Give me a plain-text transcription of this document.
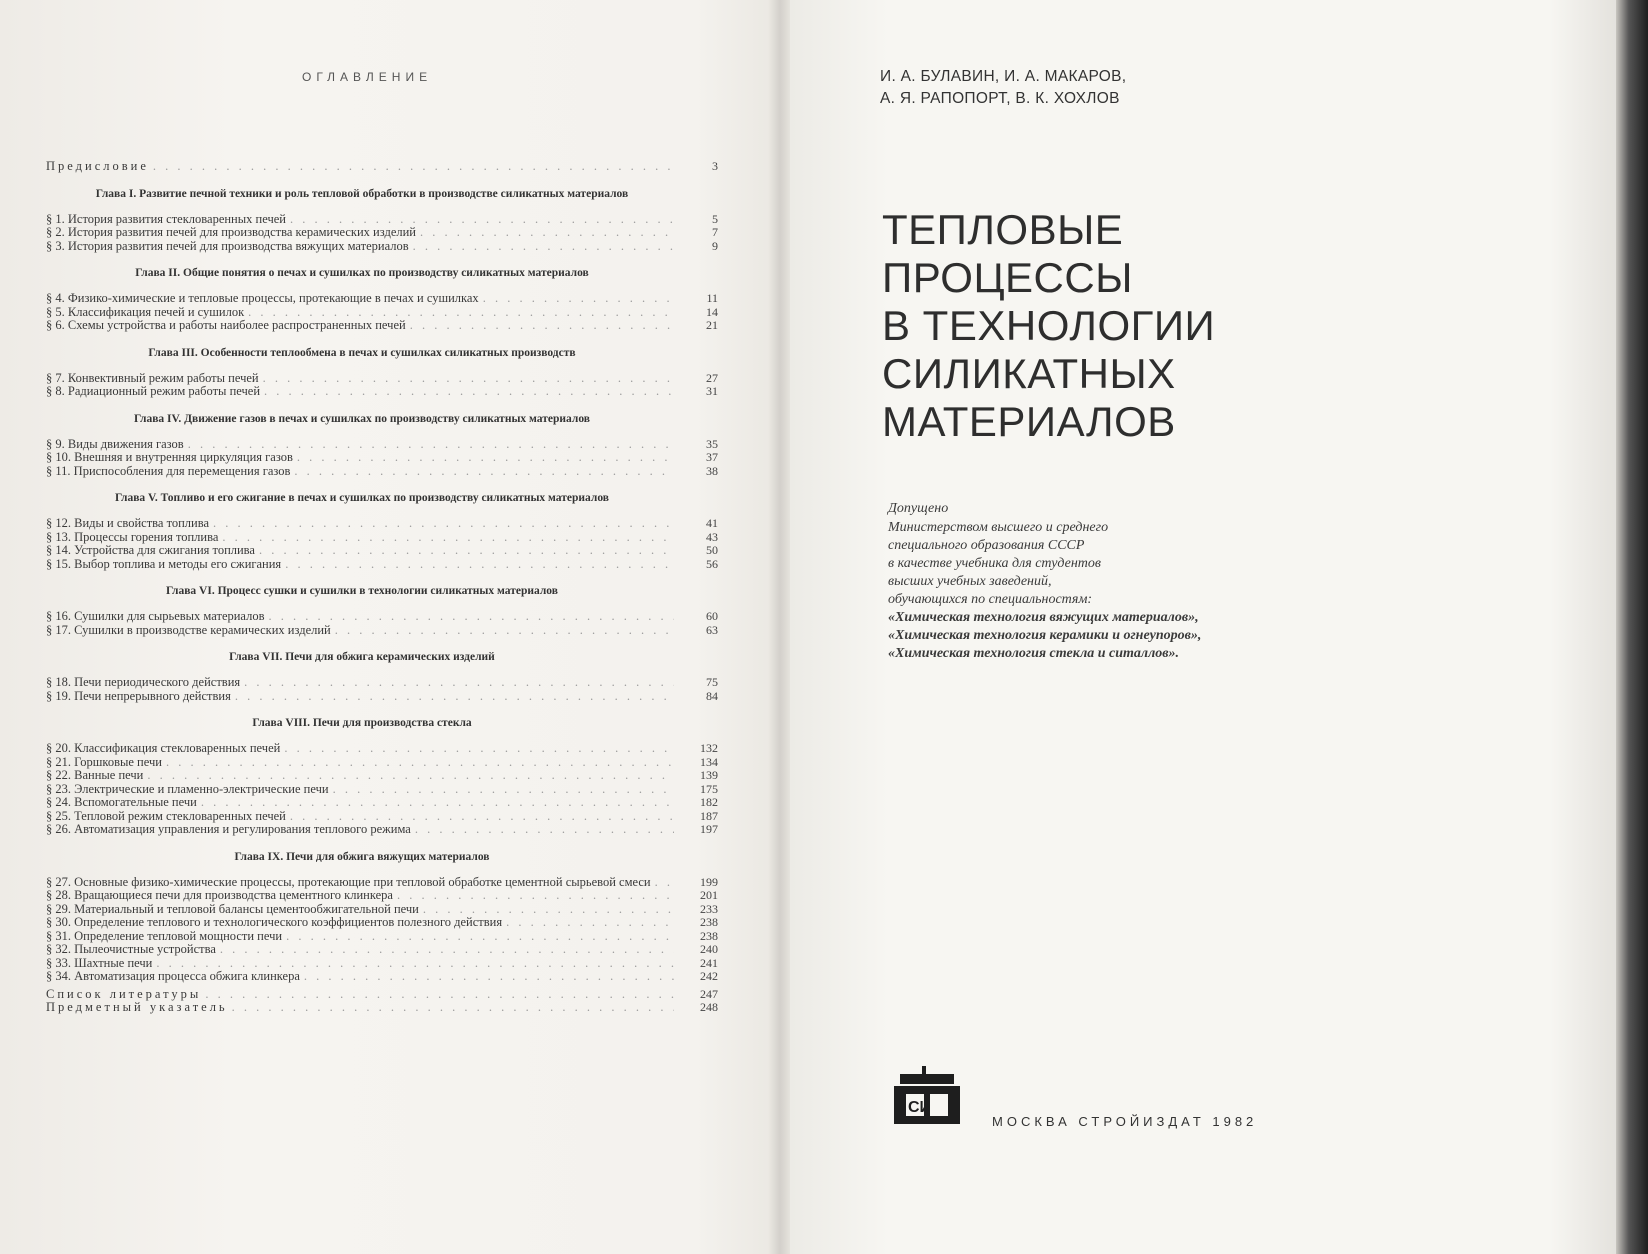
ОГЛАВЛЕНИЕ
Предисловие . . .	3
Глава I. Развитие печной техники и роль тепловой обработки в производстве силикатных материалов
§ 1. История развития стекловаренных печей . . .	5
§ 2. История развития печей для производства керамических изделий . . .	7
§ 3. История развития печей для производства вяжущих материалов . . .	9
Глава II. Общие понятия о печах и сушилках по производству силикатных материалов
§ 4. Физико-химические и тепловые процессы, протекающие в печах и сушилках . . .	11
§ 5. Классификация печей и сушилок . . .	14
§ 6. Схемы устройства и работы наиболее распространенных печей . . .	21
Глава III. Особенности теплообмена в печах и сушилках силикатных производств
§ 7. Конвективный режим работы печей . . .	27
§ 8. Радиационный режим работы печей . . .	31
Глава IV. Движение газов в печах и сушилках по производству силикатных материалов
§ 9. Виды движения газов . . .	35
§ 10. Внешняя и внутренняя циркуляция газов . . .	37
§ 11. Приспособления для перемещения газов . . .	38
Глава V. Топливо и его сжигание в печах и сушилках по производству силикатных материалов
§ 12. Виды и свойства топлива . . .	41
§ 13. Процессы горения топлива . . .	43
§ 14. Устройства для сжигания топлива . . .	50
§ 15. Выбор топлива и методы его сжигания . . .	56
Глава VI. Процесс сушки и сушилки в технологии силикатных материалов
§ 16. Сушилки для сырьевых материалов . . .	60
§ 17. Сушилки в производстве керамических изделий . . .	63
Глава VII. Печи для обжига керамических изделий
§ 18. Печи периодического действия . . .	75
§ 19. Печи непрерывного действия . . .	84
Глава VIII. Печи для производства стекла
§ 20. Классификация стекловаренных печей . . .	132
§ 21. Горшковые печи . . .	134
§ 22. Ванные печи . . .	139
§ 23. Электрические и пламенно-электрические печи . . .	175
§ 24. Вспомогательные печи . . .	182
§ 25. Тепловой режим стекловаренных печей . . .	187
§ 26. Автоматизация управления и регулирования теплового режима . . .	197
Глава IX. Печи для обжига вяжущих материалов
§ 27. Основные физико-химические процессы, протекающие при тепловой обработке цементной сырьевой смеси . . .	199
§ 28. Вращающиеся печи для производства цементного клинкера . . .	201
§ 29. Материальный и тепловой балансы цементообжигательной печи . . .	233
§ 30. Определение теплового и технологического коэффициентов полезного действия . . .	238
§ 31. Определение тепловой мощности печи . . .	238
§ 32. Пылеочистные устройства . . .	240
§ 33. Шахтные печи . . .	241
§ 34. Автоматизация процесса обжига клинкера . . .	242
Список литературы . . .	247
Предметный указатель . . .	248
И. А. БУЛАВИН, И. А. МАКАРОВ,
А. Я. РАПОПОРТ, В. К. ХОХЛОВ
ТЕПЛОВЫЕ
ПРОЦЕССЫ
В ТЕХНОЛОГИИ
СИЛИКАТНЫХ
МАТЕРИАЛОВ
Допущено
Министерством высшего и среднего
специального образования СССР
в качестве учебника для студентов
высших учебных заведений,
обучающихся по специальностям:
«Химическая технология вяжущих материалов»,
«Химическая технология керамики и огнеупоров»,
«Химическая технология стекла и ситаллов».
СИ
МОСКВА СТРОЙИЗДАТ 1982
